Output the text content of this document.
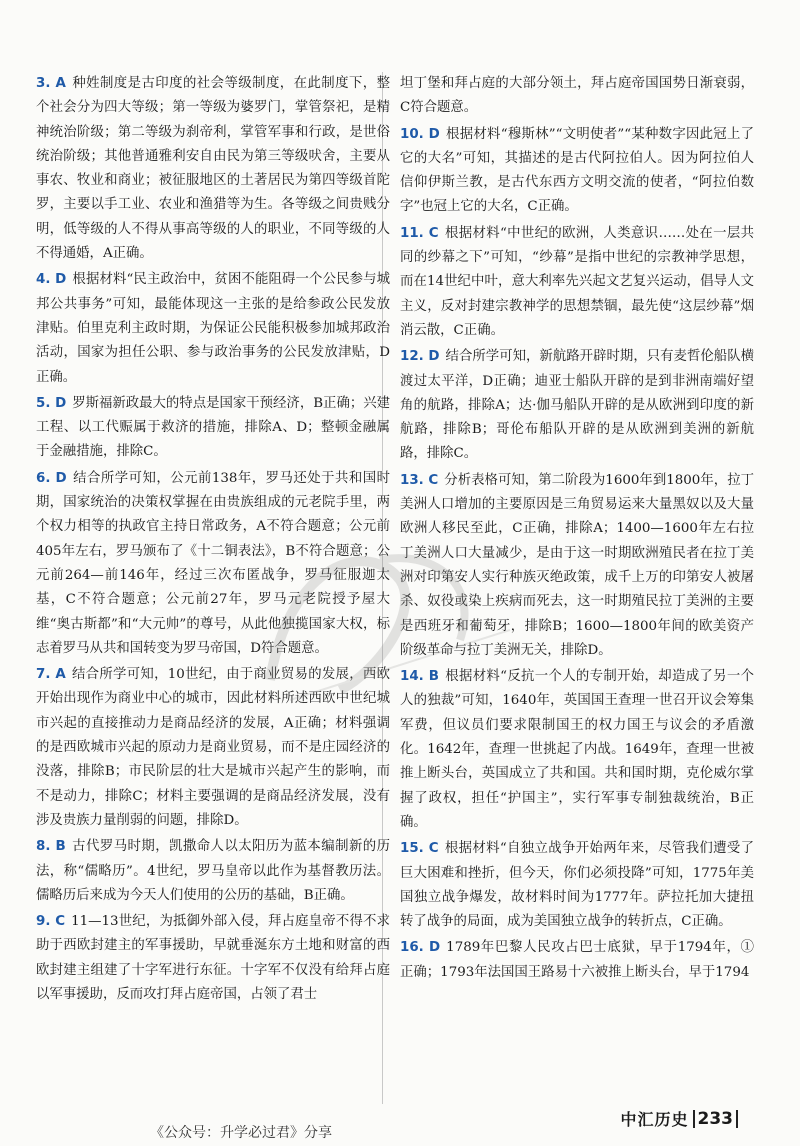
3. A 种姓制度是古印度的社会等级制度，在此制度下，整个社会分为四大等级；第一等级为婆罗门，掌管祭祀，是精神统治阶级；第二等级为刹帝利，掌管军事和行政，是世俗统治阶级；其他普通雅利安自由民为第三等级吠舍，主要从事农、牧业和商业；被征服地区的土著居民为第四等级首陀罗，主要以手工业、农业和渔猎等为生。各等级之间贵贱分明，低等级的人不得从事高等级的人的职业，不同等级的人不得通婚，A正确。

4. D 根据材料“民主政治中，贫困不能阻碍一个公民参与城邦公共事务”可知，最能体现这一主张的是给参政公民发放津贴。伯里克利主政时期，为保证公民能积极参加城邦政治活动，国家为担任公职、参与政治事务的公民发放津贴，D正确。

5. D 罗斯福新政最大的特点是国家干预经济，B正确；兴建工程、以工代赈属于救济的措施，排除A、D；整顿金融属于金融措施，排除C。

6. D 结合所学可知，公元前138年，罗马还处于共和国时期，国家统治的决策权掌握在由贵族组成的元老院手里，两个权力相等的执政官主持日常政务，A不符合题意；公元前405年左右，罗马颁布了《十二铜表法》，B不符合题意；公元前264—前146年，经过三次布匿战争，罗马征服迦太基，C不符合题意；公元前27年，罗马元老院授予屋大维“奥古斯都”和“大元帅”的尊号，从此他独揽国家大权，标志着罗马从共和国转变为罗马帝国，D符合题意。

7. A 结合所学可知，10世纪，由于商业贸易的发展，西欧开始出现作为商业中心的城市，因此材料所述西欧中世纪城市兴起的直接推动力是商品经济的发展，A正确；材料强调的是西欧城市兴起的原动力是商业贸易，而不是庄园经济的没落，排除B；市民阶层的壮大是城市兴起产生的影响，而不是动力，排除C；材料主要强调的是商品经济发展，没有涉及贵族力量削弱的问题，排除D。

8. B 古代罗马时期，凯撒命人以太阳历为蓝本编制新的历法，称“儒略历”。4世纪，罗马皇帝以此作为基督教历法。儒略历后来成为今天人们使用的公历的基础，B正确。

9. C 11—13世纪，为抵御外部入侵，拜占庭皇帝不得不求助于西欧封建主的军事援助，早就垂涎东方土地和财富的西欧封建主组建了十字军进行东征。十字军不仅没有给拜占庭以军事援助，反而攻打拜占庭帝国，占领了君士

坦丁堡和拜占庭的大部分领土，拜占庭帝国国势日渐衰弱，C符合题意。

10. D 根据材料“穆斯林”“文明使者”“某种数字因此冠上了它的大名”可知，其描述的是古代阿拉伯人。因为阿拉伯人信仰伊斯兰教，是古代东西方文明交流的使者，“阿拉伯数字”也冠上它的大名，C正确。

11. C 根据材料“中世纪的欧洲，人类意识……处在一层共同的纱幕之下”可知，“纱幕”是指中世纪的宗教神学思想，而在14世纪中叶，意大利率先兴起文艺复兴运动，倡导人文主义，反对封建宗教神学的思想禁锢，最先使“这层纱幕”烟消云散，C正确。

12. D 结合所学可知，新航路开辟时期，只有麦哲伦船队横渡过太平洋，D正确；迪亚士船队开辟的是到非洲南端好望角的航路，排除A；达·伽马船队开辟的是从欧洲到印度的新航路，排除B；哥伦布船队开辟的是从欧洲到美洲的新航路，排除C。

13. C 分析表格可知，第二阶段为1600年到1800年，拉丁美洲人口增加的主要原因是三角贸易运来大量黑奴以及大量欧洲人移民至此，C正确，排除A；1400—1600年左右拉丁美洲人口大量减少，是由于这一时期欧洲殖民者在拉丁美洲对印第安人实行种族灭绝政策，成千上万的印第安人被屠杀、奴役或染上疾病而死去，这一时期殖民拉丁美洲的主要是西班牙和葡萄牙，排除B；1600—1800年间的欧美资产阶级革命与拉丁美洲无关，排除D。

14. B 根据材料“反抗一个人的专制开始，却造成了另一个人的独裁”可知，1640年，英国国王查理一世召开议会筹集军费，但议员们要求限制国王的权力国王与议会的矛盾激化。1642年，查理一世挑起了内战。1649年，查理一世被推上断头台，英国成立了共和国。共和国时期，克伦威尔掌握了政权，担任“护国主”，实行军事专制独裁统治，B正确。

15. C 根据材料“自独立战争开始两年来，尽管我们遭受了巨大困难和挫折，但今天，你们必须投降”可知，1775年美国独立战争爆发，故材料时间为1777年。萨拉托加大捷扭转了战争的局面，成为美国独立战争的转折点，C正确。

16. D 1789年巴黎人民攻占巴士底狱，早于1794年，①正确；1793年法国国王路易十六被推上断头台，早于1794

中汇历史 233
《公众号：升学必过君》分享
